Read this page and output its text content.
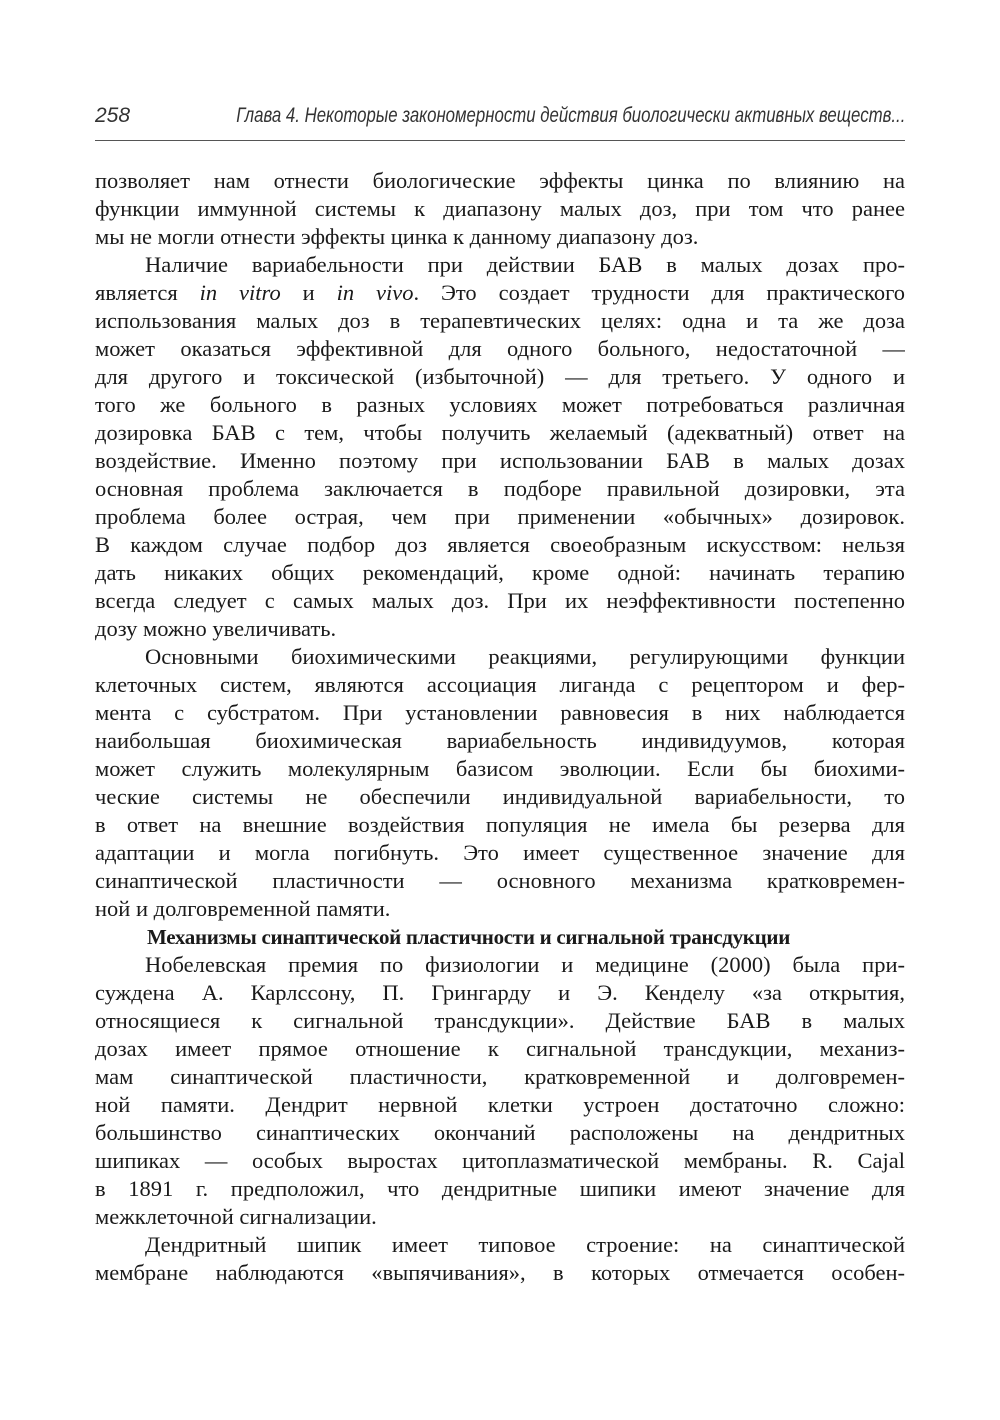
258	Глава 4. Некоторые закономерности действия биологически активных веществ...
позволяет нам отнести биологические эффекты цинка по влиянию на
функции иммунной системы к диапазону малых доз, при том что ранее
мы не могли отнести эффекты цинка к данному диапазону доз.
Наличие вариабельности при действии БАВ в малых дозах про-
является in vitro и in vivo. Это создает трудности для практического
использования малых доз в терапевтических целях: одна и та же доза
может оказаться эффективной для одного больного, недостаточной —
для другого и токсической (избыточной) — для третьего. У одного и
того же больного в разных условиях может потребоваться различная
дозировка БАВ с тем, чтобы получить желаемый (адекватный) ответ на
воздействие. Именно поэтому при использовании БАВ в малых дозах
основная проблема заключается в подборе правильной дозировки, эта
проблема более острая, чем при применении «обычных» дозировок.
В каждом случае подбор доз является своеобразным искусством: нельзя
дать никаких общих рекомендаций, кроме одной: начинать терапию
всегда следует с самых малых доз. При их неэффективности постепенно
дозу можно увеличивать.
Основными биохимическими реакциями, регулирующими функции
клеточных систем, являются ассоциация лиганда с рецептором и фер-
мента с субстратом. При установлении равновесия в них наблюдается
наибольшая биохимическая вариабельность индивидуумов, которая
может служить молекулярным базисом эволюции. Если бы биохими-
ческие системы не обеспечили индивидуальной вариабельности, то
в ответ на внешние воздействия популяция не имела бы резерва для
адаптации и могла погибнуть. Это имеет существенное значение для
синаптической пластичности — основного механизма кратковремен-
ной и долговременной памяти.
Механизмы синаптической пластичности и сигнальной трансдукции
Нобелевская премия по физиологии и медицине (2000) была при-
суждена А. Карлссону, П. Грингарду и Э. Кенделу «за открытия,
относящиеся к сигнальной трансдукции». Действие БАВ в малых
дозах имеет прямое отношение к сигнальной трансдукции, механиз-
мам синаптической пластичности, кратковременной и долговремен-
ной памяти. Дендрит нервной клетки устроен достаточно сложно:
большинство синаптических окончаний расположены на дендритных
шипиках — особых выростах цитоплазматической мембраны. R. Cajal
в 1891 г. предположил, что дендритные шипики имеют значение для
межклеточной сигнализации.
Дендритный шипик имеет типовое строение: на синаптической
мембране наблюдаются «выпячивания», в которых отмечается особен-
